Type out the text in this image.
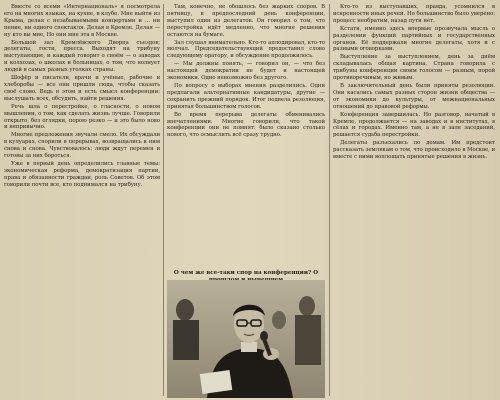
Вместе со всеми «Интернациональ» я посмотрела его на многих языках, на кухне, в клубе. Мне выйти из Крыма, делая с незабываемыми концертами и ... ни пение, ни одного спектакля. Делая в Кремле. Делая — ну кто вы мне, Но они мне эта в Москве.

Большой зал Кремлёвского Дворца съездов; делегаты, гости, пресса. Выходят на трибуну выступающие, и каждый говорит о своём — о заводах и колхозах, о школах и больницах, о том, что волнует людей в самых разных уголках страны.

Шофёр и писатели, врачи и учёные, рабочие и хлеборобы — все они пришли сюда, чтобы сказать своё слово. Ведь в этом и есть смысл конференции: выслушать всех, обсудить, найти решения.

Речь шла о перестройке, о гласности, о новом мышлении, о том, как сделать жизнь лучше. Говорили открыто, без оглядки, порою резко — и это было ново и непривычно.

Многие предложения звучали смело. Их обсуждали в кулуарах, спорили в перерывах, возвращались к ним снова и снова. Чувствовалось: люди ждут перемен и готовы за них бороться.

Уже в первый день определились главные темы: экономическая реформа, демократизация партии, права и обязанности граждан, роль Советов. Об этом говорили почти все, кто поднимался на трибуну.

Там, конечно, не обошлось без жарких споров. В пятницу, в предпоследний день конференции, выступил один из делегатов. Он говорил о том, что перестройка идёт медленно, что многие решения остаются на бумаге.

Зал слушал внимательно. Кто-то аплодировал, кто-то молчал. Председательствующий предоставил слово следующему оратору, и обсуждение продолжилось.

— Мы должны понять, — говорил он, — что без настоящей демократии не будет и настоящей экономики. Одно невозможно без другого.

По вопросу о выборах мнения разделились. Одни предлагали альтернативные кандидатуры, другие — сохранить прежний порядок. Итог подвела резолюция, принятая большинством голосов.

Во время перерыва делегаты обменивались впечатлениями. Многие говорили, что такой конференции они не помнят: было сказано столько нового, что осмыслить всё сразу трудно.

О чем же все-таки спор на конференции? О

Кто-то из выступавших, правда, усомнился в искренности иных речей. Но большинство было уверено: процесс необратим, назад пути нет.

Кстати, именно здесь впервые прозвучала мысль о разделении функций партийных и государственных органов. Её поддержали многие делегаты, хотя и с разными оговорками.

Выступление за выступлением, день за днём складывалась общая картина. Страна говорила с трибуны конференции своим голосом — разным, порой противоречивым, но живым.

В заключительный день были приняты резолюции. Они касались самых разных сторон жизни общества — от экономики до культуры, от межнациональных отношений до правовой реформы.

Конференция завершилась. Но разговор, начатый в Кремле, продолжается — на заводах и в институтах, в сёлах и городах. Именно там, а не в зале заседаний, решается судьба перестройки.

Делегаты разъехались по домам. Им предстоит рассказать землякам о том, что происходило в Москве, и вместе с ними воплощать принятые решения в жизнь.
